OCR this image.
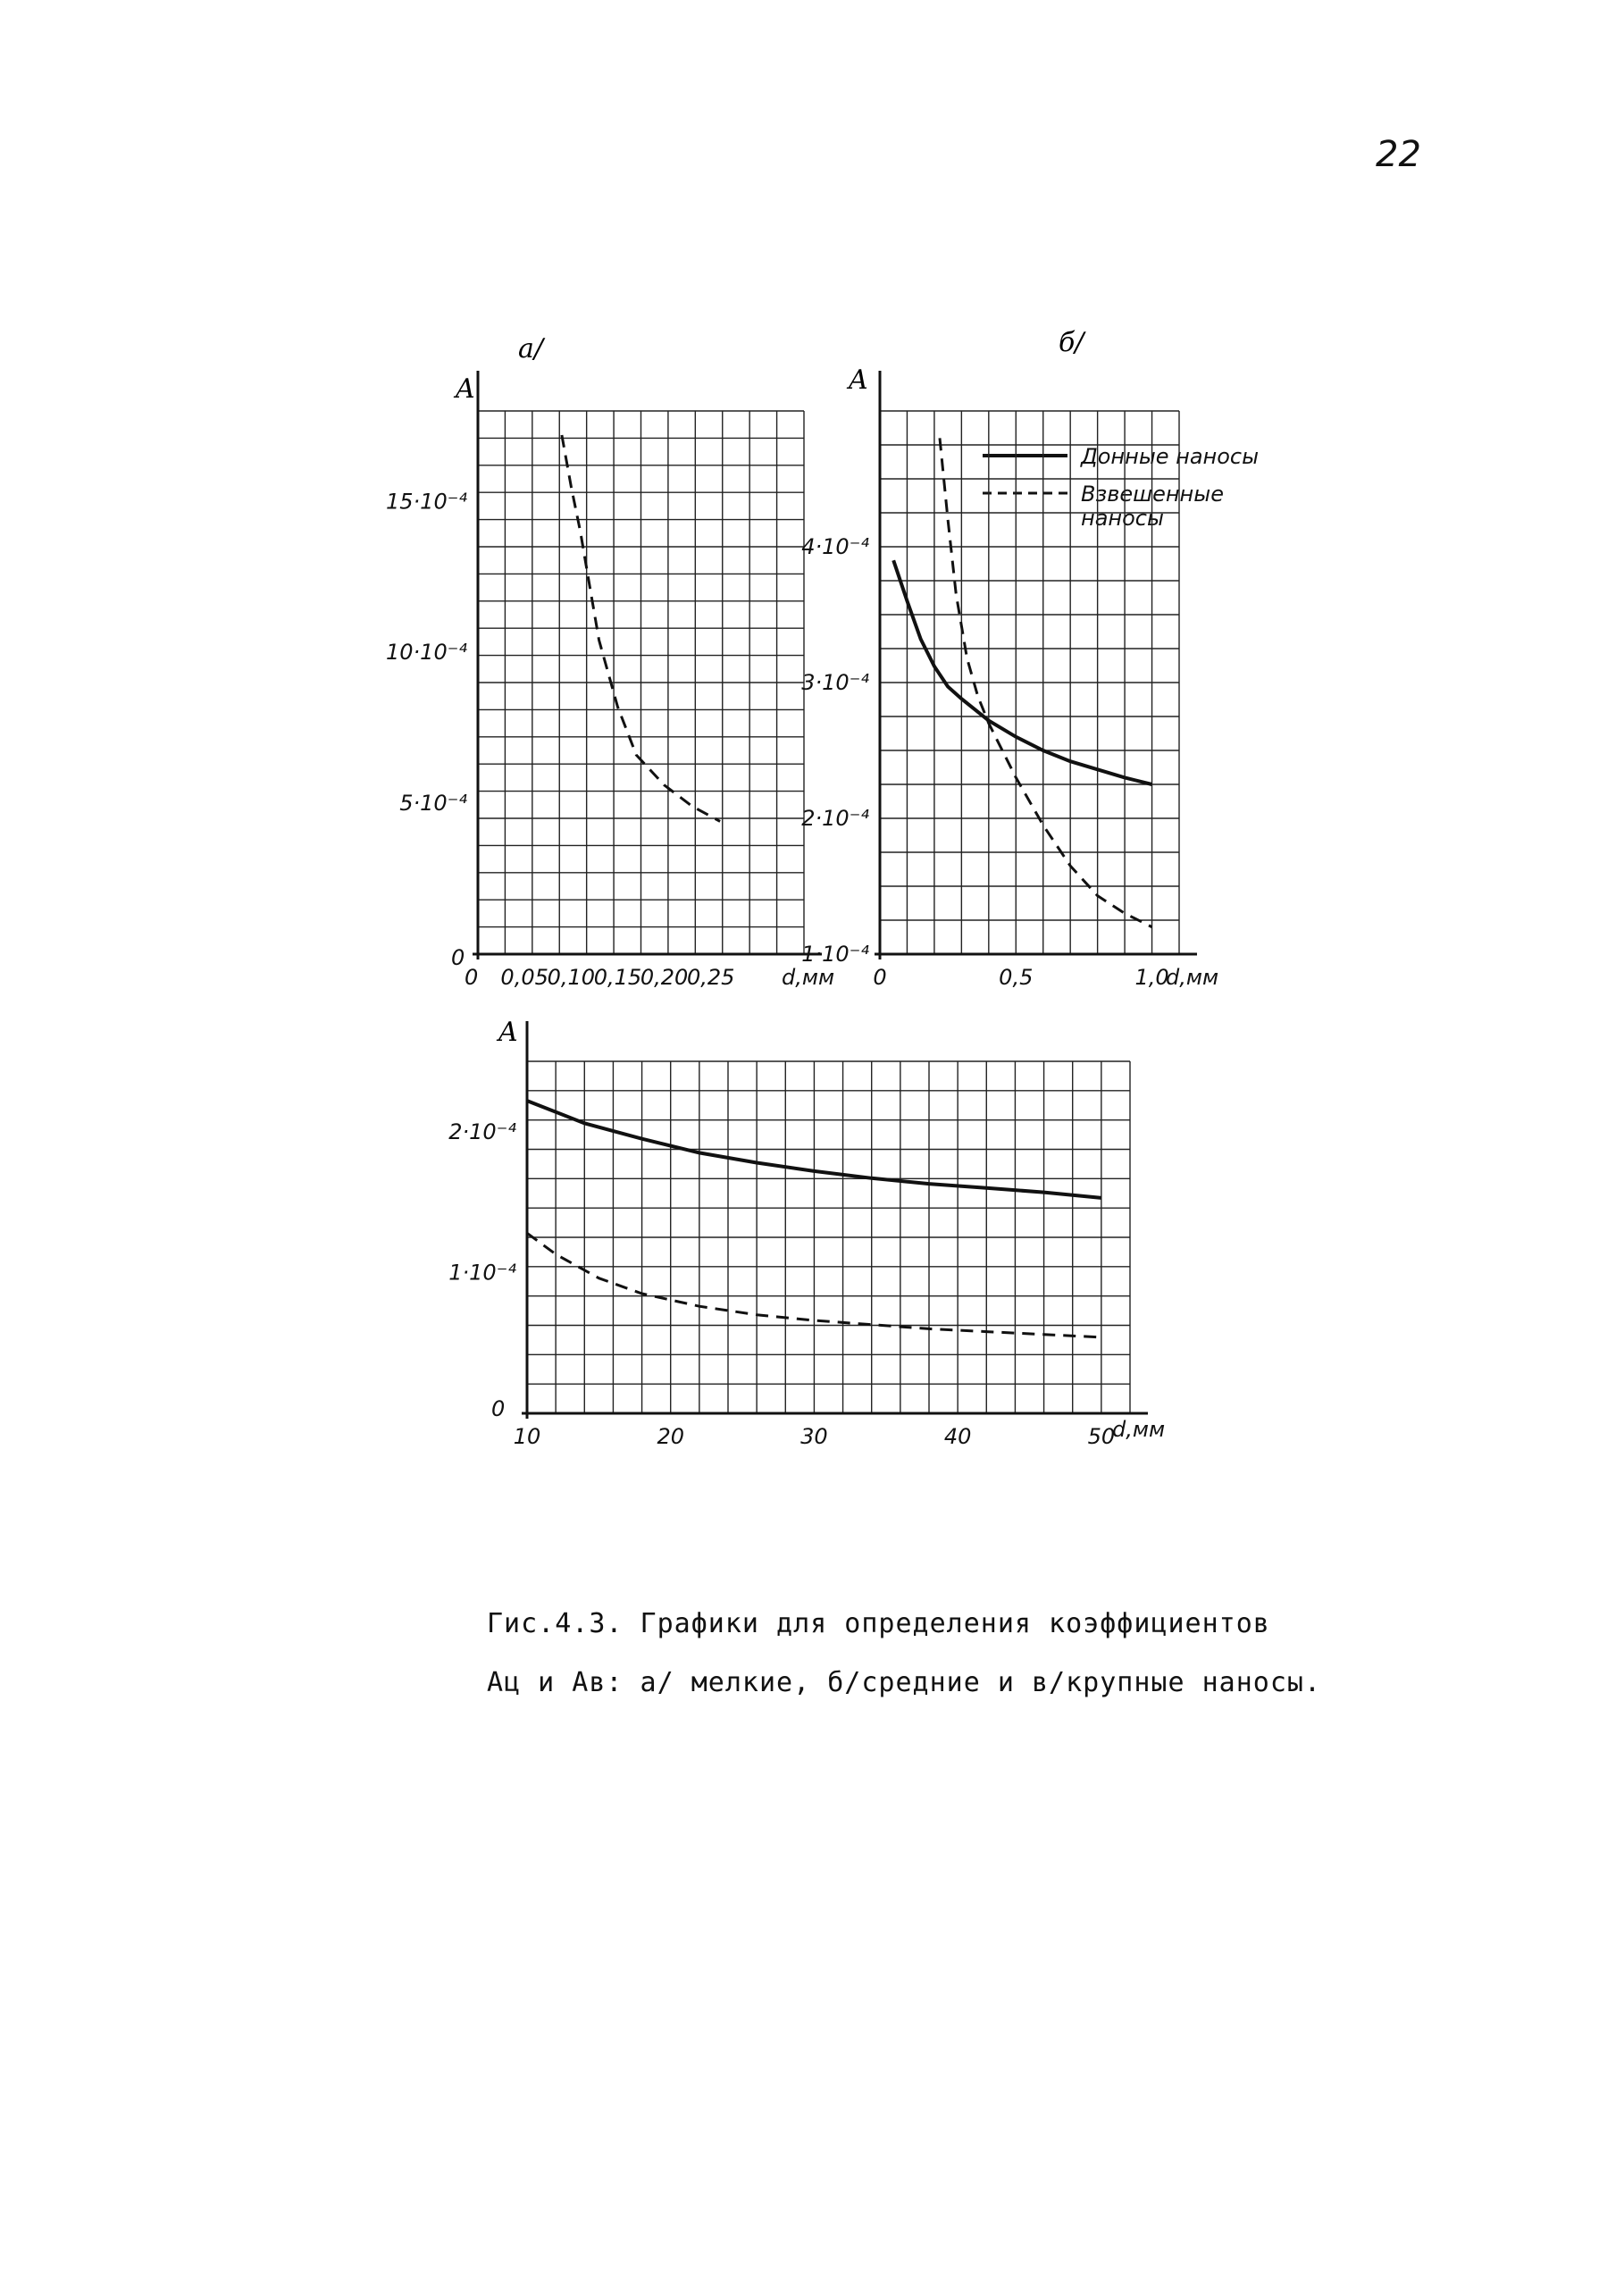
22
а/
A
d,мм
0
0
0,05
0,10
0,15
0,20
0,25
5·10⁻⁴
10·10⁻⁴
15·10⁻⁴
б/
A
d,мм
Донные наносы
Взвешенные наносы
0	0,5	1,0
1·10⁻⁴
2·10⁻⁴
3·10⁻⁴
4·10⁻⁴
A
d,мм
0
10	20	30	40	50
1·10⁻⁴
2·10⁻⁴
Гис.4.3. Графики для определения коэффициентов
Aц и Aв: а/ мелкие, б/средние и в/крупные наносы.
